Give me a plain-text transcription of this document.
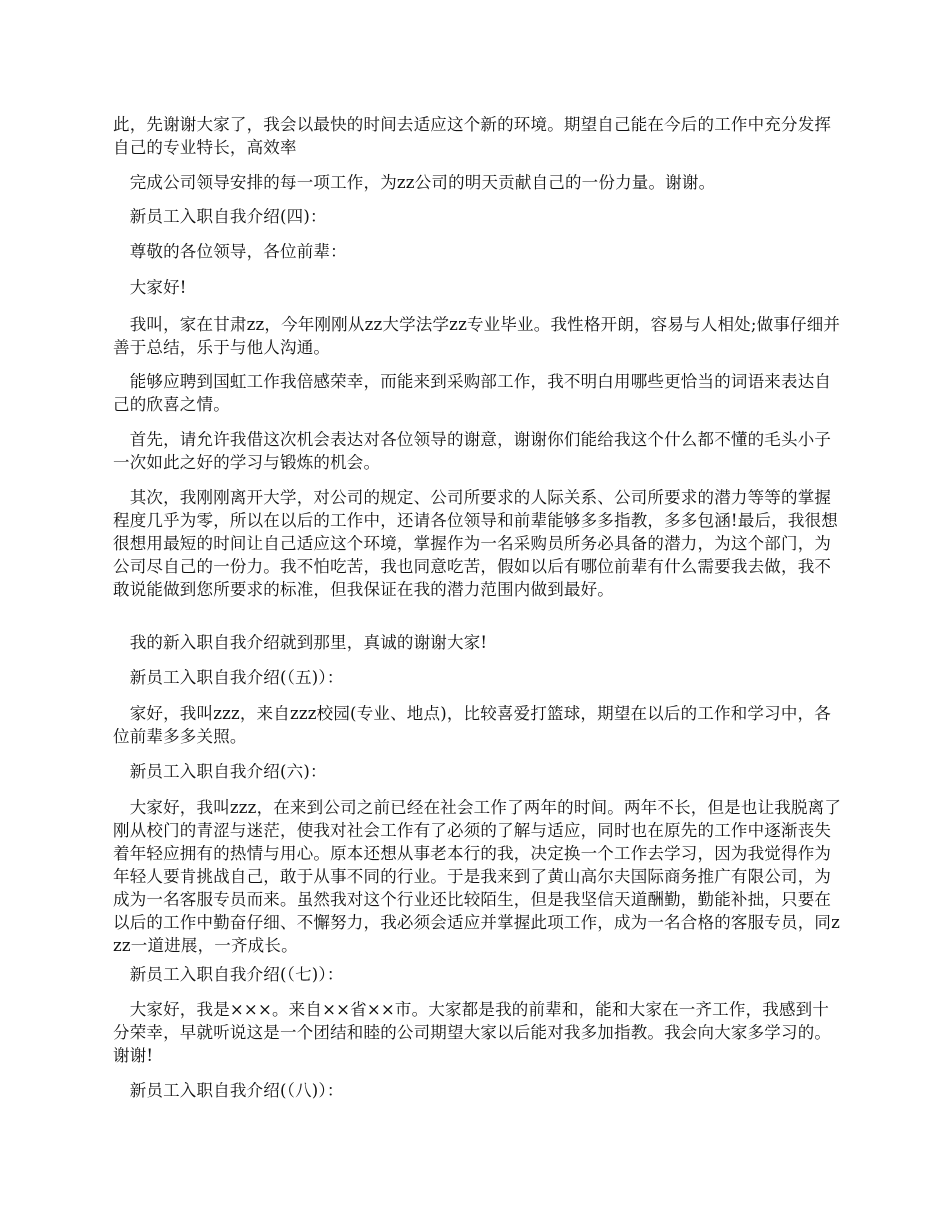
此，先谢谢大家了，我会以最快的时间去适应这个新的环境。期望自己能在今后的工作中充分发挥自己的专业特长，高效率

　完成公司领导安排的每一项工作，为zz公司的明天贡献自己的一份力量。谢谢。

　新员工入职自我介绍(四)：

　尊敬的各位领导，各位前辈：

　大家好!

　我叫，家在甘肃zz，今年刚刚从zz大学法学zz专业毕业。我性格开朗，容易与人相处;做事仔细并善于总结，乐于与他人沟通。

　能够应聘到国虹工作我倍感荣幸，而能来到采购部工作，我不明白用哪些更恰当的词语来表达自己的欣喜之情。

　首先，请允许我借这次机会表达对各位领导的谢意，谢谢你们能给我这个什么都不懂的毛头小子一次如此之好的学习与锻炼的机会。

　其次，我刚刚离开大学，对公司的规定、公司所要求的人际关系、公司所要求的潜力等等的掌握程度几乎为零，所以在以后的工作中，还请各位领导和前辈能够多多指教，多多包涵!最后，我很想很想用最短的时间让自己适应这个环境，掌握作为一名采购员所务必具备的潜力，为这个部门，为公司尽自己的一份力。我不怕吃苦，我也同意吃苦，假如以后有哪位前辈有什么需要我去做，我不敢说能做到您所要求的标准，但我保证在我的潜力范围内做到最好。

　我的新入职自我介绍就到那里，真诚的谢谢大家!

　新员工入职自我介绍(（五)）：

　家好，我叫zzz，来自zzz校园(专业、地点)，比较喜爱打篮球，期望在以后的工作和学习中，各位前辈多多关照。

　新员工入职自我介绍(六)：

　大家好，我叫zzz，在来到公司之前已经在社会工作了两年的时间。两年不长，但是也让我脱离了刚从校门的青涩与迷茫，使我对社会工作有了必须的了解与适应，同时也在原先的工作中逐渐丧失着年轻应拥有的热情与用心。原本还想从事老本行的我，决定换一个工作去学习，因为我觉得作为年轻人要肯挑战自己，敢于从事不同的行业。于是我来到了黄山高尔夫国际商务推广有限公司，为成为一名客服专员而来。虽然我对这个行业还比较陌生，但是我坚信天道酬勤，勤能补拙，只要在以后的工作中勤奋仔细、不懈努力，我必须会适应并掌握此项工作，成为一名合格的客服专员，同zzz一道进展，一齐成长。

　新员工入职自我介绍(（七)）：

　大家好，我是×××。来自××省××市。大家都是我的前辈和，能和大家在一齐工作，我感到十分荣幸，早就听说这是一个团结和睦的公司期望大家以后能对我多加指教。我会向大家多学习的。谢谢!

　新员工入职自我介绍(（八)）：
